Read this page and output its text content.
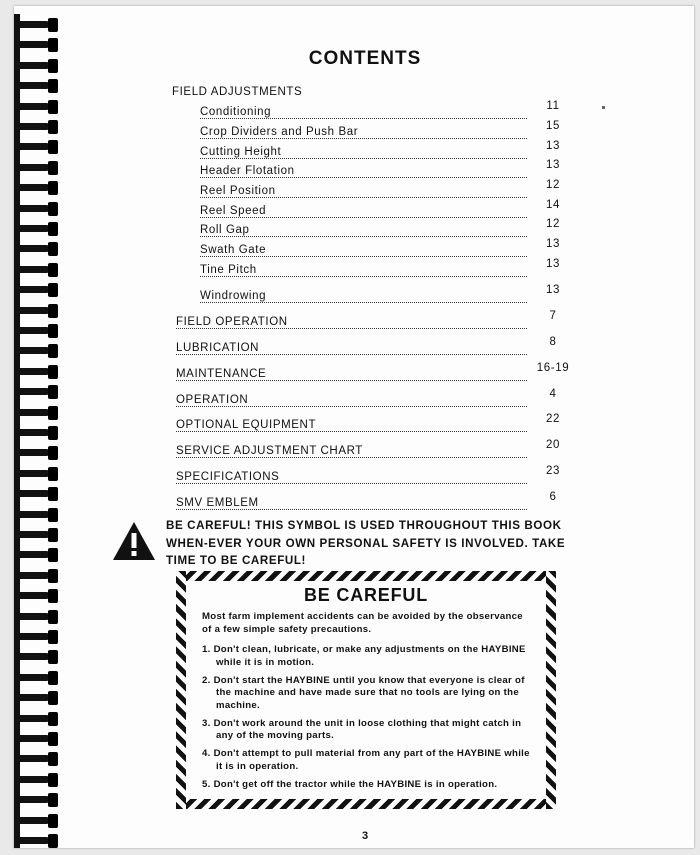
CONTENTS
FIELD ADJUSTMENTS
Conditioning	11
Crop Dividers and Push Bar	15
Cutting Height	13
Header Flotation	13
Reel Position	12
Reel Speed	14
Roll Gap	12
Swath Gate	13
Tine Pitch	13
Windrowing	13
FIELD OPERATION	7
LUBRICATION	8
MAINTENANCE	16-19
OPERATION	4
OPTIONAL EQUIPMENT	22
SERVICE ADJUSTMENT CHART	20
SPECIFICATIONS	23
SMV EMBLEM	6
BE CAREFUL! THIS SYMBOL IS USED THROUGHOUT THIS BOOK WHEN-EVER YOUR OWN PERSONAL SAFETY IS INVOLVED. TAKE TIME TO BE CAREFUL!
BE CAREFUL
Most farm implement accidents can be avoided by the observance of a few simple safety precautions.
1. Don't clean, lubricate, or make any adjustments on the HAYBINE while it is in motion.
2. Don't start the HAYBINE until you know that everyone is clear of the machine and have made sure that no tools are lying on the machine.
3. Don't work around the unit in loose clothing that might catch in any of the moving parts.
4. Don't attempt to pull material from any part of the HAYBINE while it is in operation.
5. Don't get off the tractor while the HAYBINE is in operation.
3
